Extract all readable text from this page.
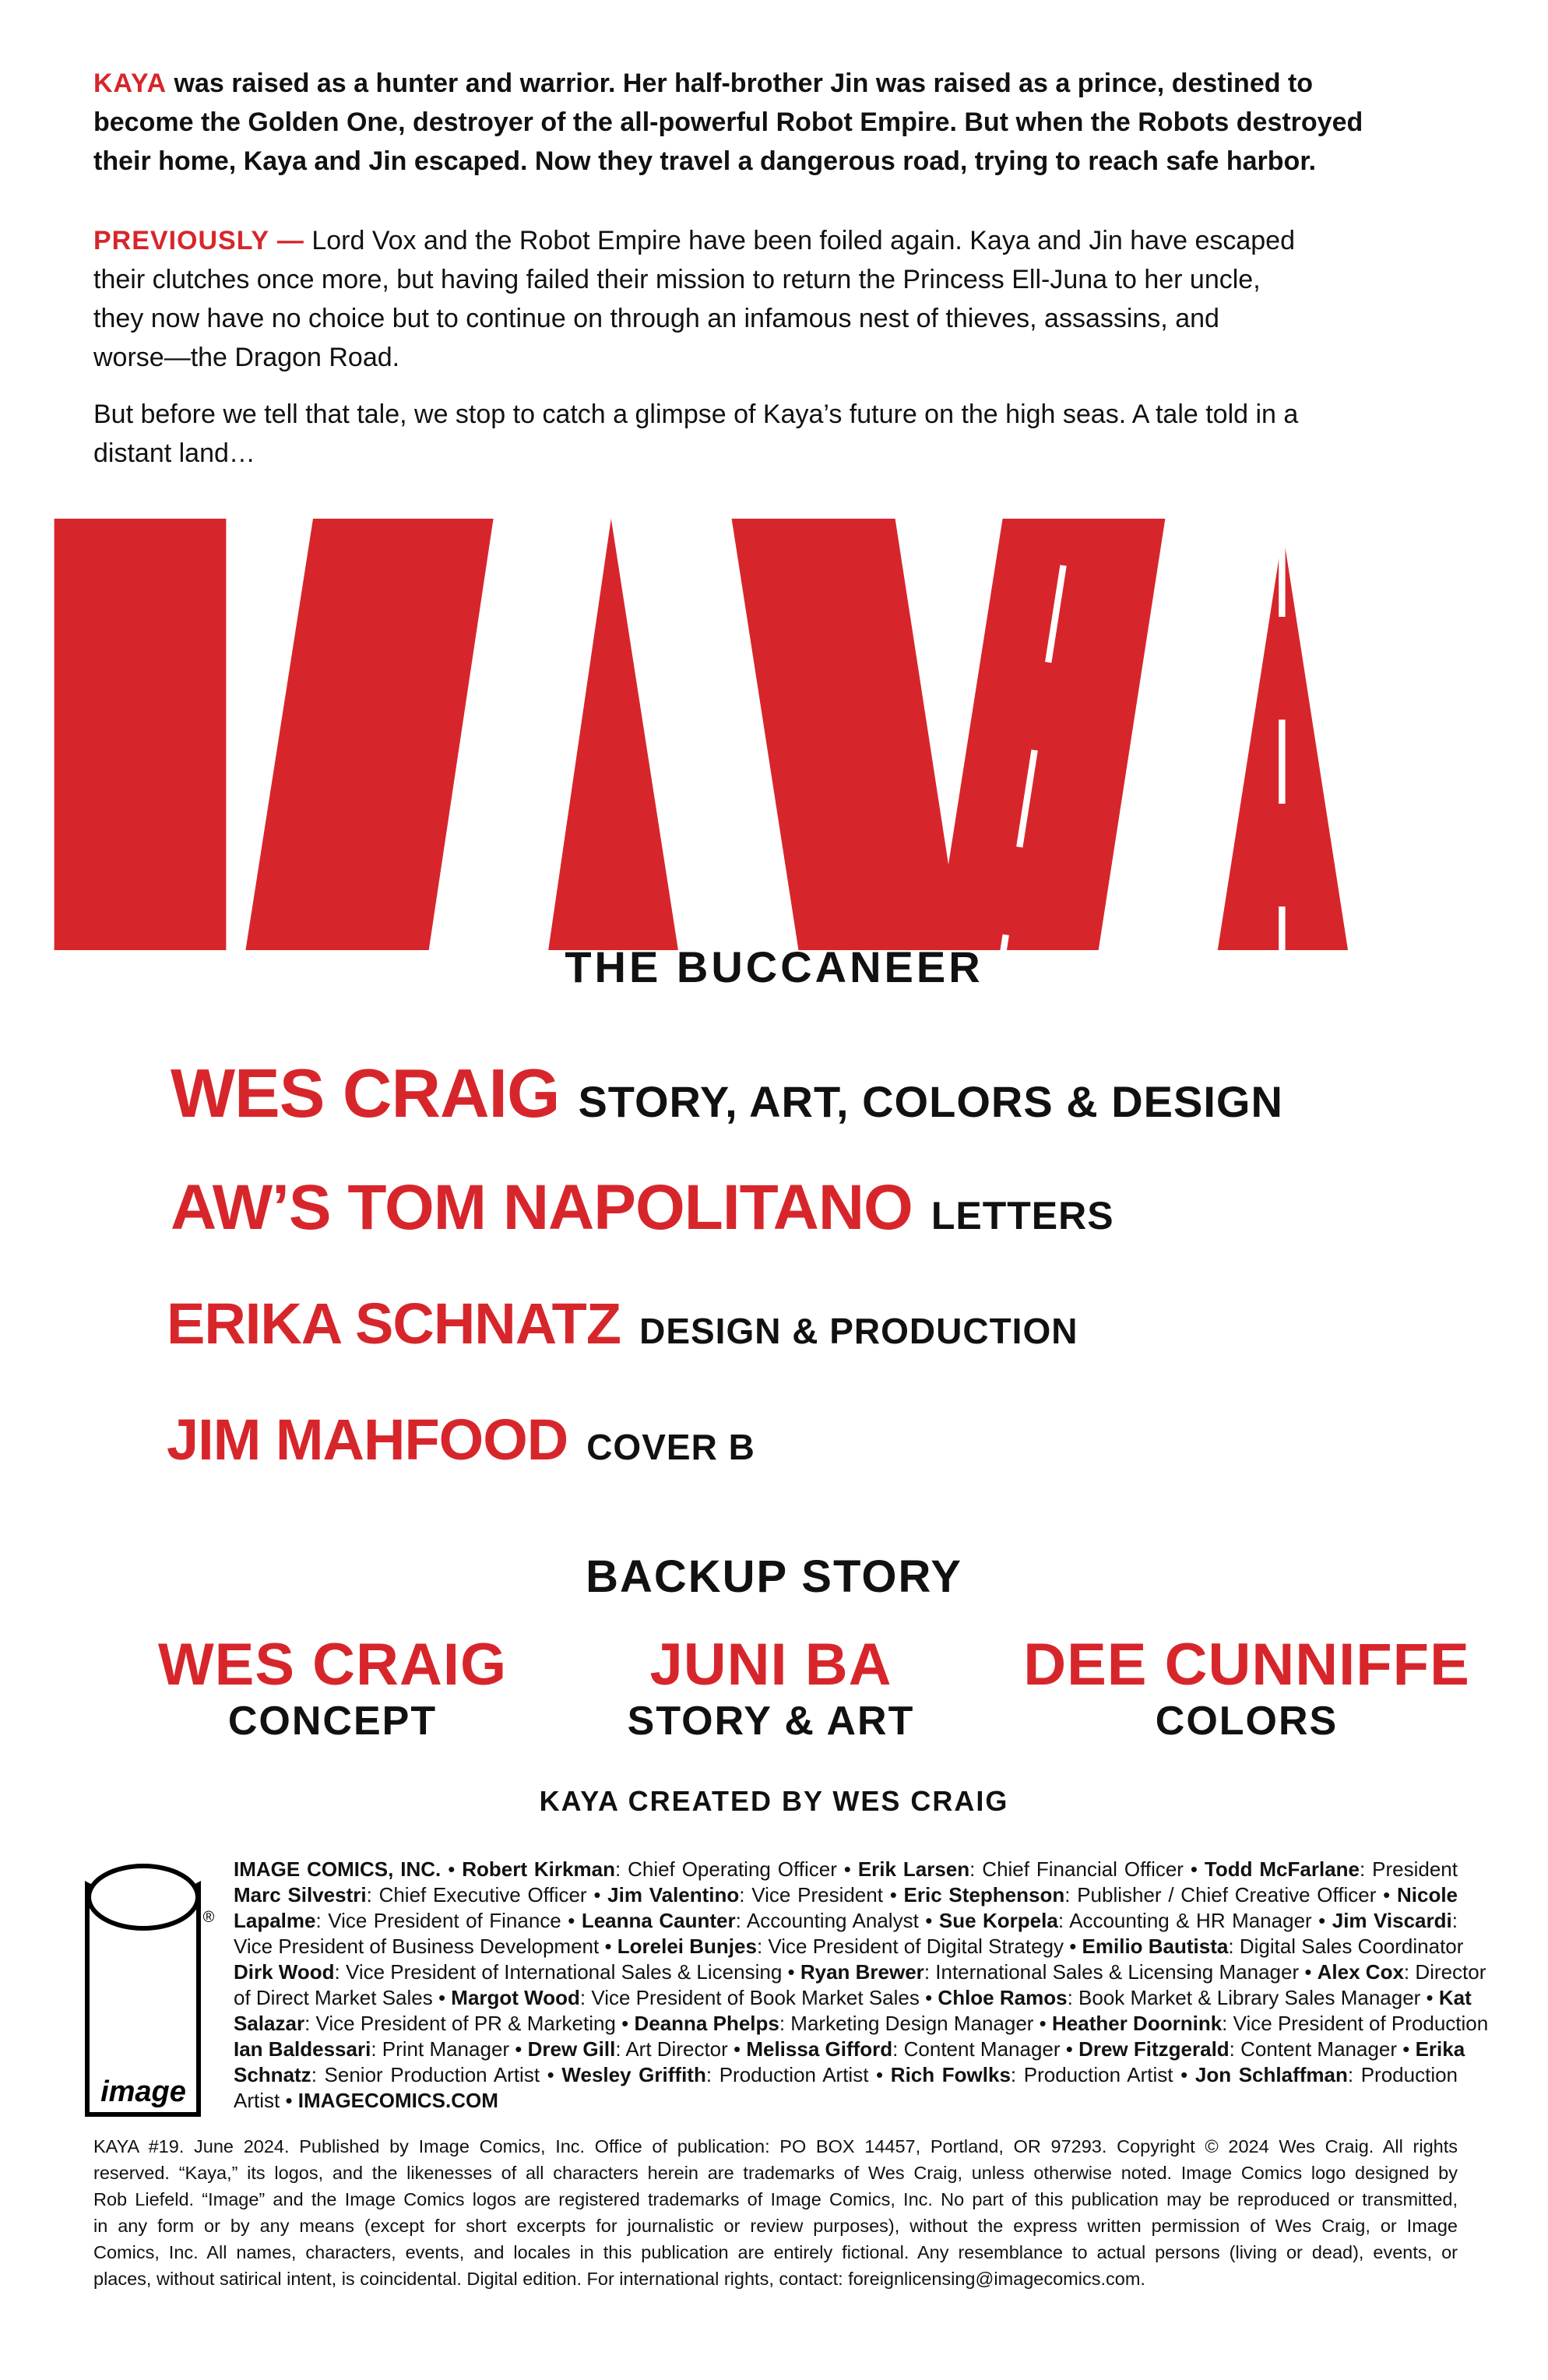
KAYA was raised as a hunter and warrior. Her half-brother Jin was raised as a prince, destined to
become the Golden One, destroyer of the all-powerful Robot Empire. But when the Robots destroyed
their home, Kaya and Jin escaped. Now they travel a dangerous road, trying to reach safe harbor.
PREVIOUSLY — Lord Vox and the Robot Empire have been foiled again. Kaya and Jin have escaped
their clutches once more, but having failed their mission to return the Princess Ell-Juna to her uncle,
they now have no choice but to continue on through an infamous nest of thieves, assassins, and
worse—the Dragon Road.
But before we tell that tale, we stop to catch a glimpse of Kaya’s future on the high seas. A tale told in a
distant land…
THE BUCCANEER
WES CRAIG STORY, ART, COLORS & DESIGN
AW’S TOM NAPOLITANO LETTERS
ERIKA SCHNATZ DESIGN & PRODUCTION
JIM MAHFOOD COVER B
BACKUP STORY
WES CRAIG
CONCEPT
JUNI BA
STORY & ART
DEE CUNNIFFE
COLORS
KAYA CREATED BY WES CRAIG
image
®
IMAGE COMICS, INC. • Robert Kirkman: Chief Operating Officer • Erik Larsen: Chief Financial Officer • Todd McFarlane: President
Marc Silvestri: Chief Executive Officer • Jim Valentino: Vice President • Eric Stephenson: Publisher / Chief Creative Officer • Nicole
Lapalme: Vice President of Finance • Leanna Caunter: Accounting Analyst • Sue Korpela: Accounting & HR Manager • Jim Viscardi:
Vice President of Business Development • Lorelei Bunjes: Vice President of Digital Strategy • Emilio Bautista: Digital Sales Coordinator
Dirk Wood: Vice President of International Sales & Licensing • Ryan Brewer: International Sales & Licensing Manager • Alex Cox: Director
of Direct Market Sales • Margot Wood: Vice President of Book Market Sales • Chloe Ramos: Book Market & Library Sales Manager • Kat
Salazar: Vice President of PR & Marketing • Deanna Phelps: Marketing Design Manager • Heather Doornink: Vice President of Production
Ian Baldessari: Print Manager • Drew Gill: Art Director • Melissa Gifford: Content Manager • Drew Fitzgerald: Content Manager • Erika
Schnatz: Senior Production Artist • Wesley Griffith: Production Artist • Rich Fowlks: Production Artist • Jon Schlaffman: Production
Artist • IMAGECOMICS.COM
KAYA #19. June 2024. Published by Image Comics, Inc. Office of publication: PO BOX 14457, Portland, OR 97293. Copyright © 2024 Wes Craig. All rights
reserved. “Kaya,” its logos, and the likenesses of all characters herein are trademarks of Wes Craig, unless otherwise noted. Image Comics logo designed by
Rob Liefeld. “Image” and the Image Comics logos are registered trademarks of Image Comics, Inc. No part of this publication may be reproduced or transmitted,
in any form or by any means (except for short excerpts for journalistic or review purposes), without the express written permission of Wes Craig, or Image
Comics, Inc. All names, characters, events, and locales in this publication are entirely fictional. Any resemblance to actual persons (living or dead), events, or
places, without satirical intent, is coincidental. Digital edition. For international rights, contact: foreignlicensing@imagecomics.com.
